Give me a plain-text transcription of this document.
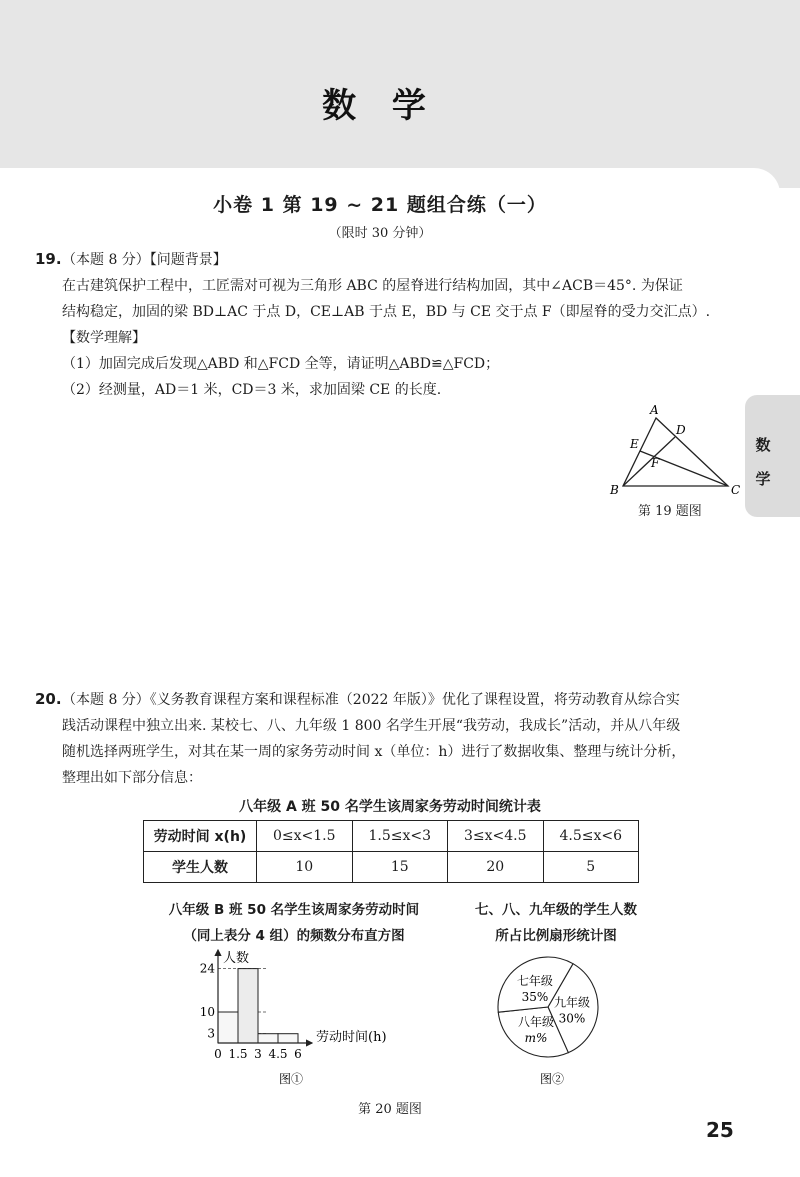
数 学
数学
小卷 1 第 19 ~ 21 题组合练（一）
（限时 30 分钟）
19. （本题 8 分）【问题背景】
在古建筑保护工程中，工匠需对可视为三角形 ABC 的屋脊进行结构加固，其中∠ACB＝45°. 为保证
结构稳定，加固的梁 BD⊥AC 于点 D，CE⊥AB 于点 E，BD 与 CE 交于点 F（即屋脊的受力交汇点）.
【数学理解】
（1）加固完成后发现△ABD 和△FCD 全等，请证明△ABD≌△FCD；
（2）经测量，AD＝1 米，CD＝3 米，求加固梁 CE 的长度.
A
B	C
D
E
F
第 19 题图
20. （本题 8 分）《义务教育课程方案和课程标准（2022 年版）》优化了课程设置，将劳动教育从综合实
践活动课程中独立出来. 某校七、八、九年级 1 800 名学生开展“我劳动，我成长”活动，并从八年级
随机选择两班学生，对其在某一周的家务劳动时间 x（单位：h）进行了数据收集、整理与统计分析，
整理出如下部分信息：
八年级 A 班 50 名学生该周家务劳动时间统计表
劳动时间 x(h)	0≤x<1.5	1.5≤x<3	3≤x<4.5	4.5≤x<6
学生人数	10	15	20	5
八年级 B 班 50 名学生该周家务劳动时间
（同上表分 4 组）的频数分布直方图
七、八、九年级的学生人数
所占比例扇形统计图
0 1.5 3 4.5 6
3
10
24
人数
劳动时间(h)
图①
七年级
35% 九年级
30%
八年级
m%
图②
第 20 题图
25
